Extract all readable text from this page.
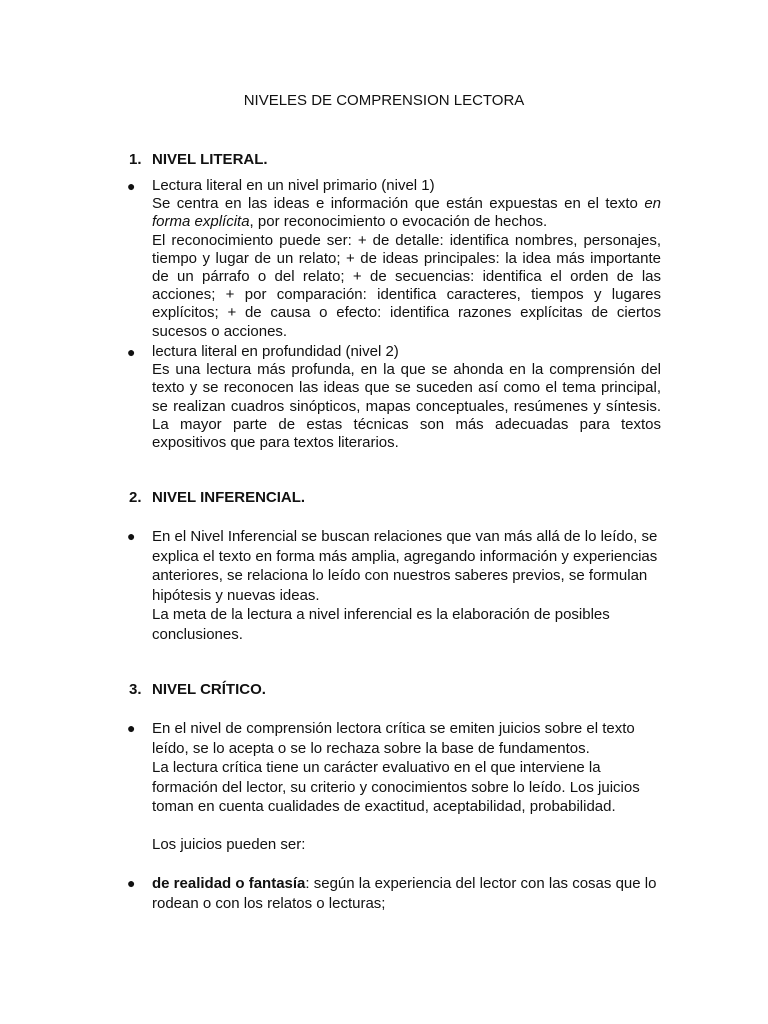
NIVELES DE COMPRENSION LECTORA
1. NIVEL LITERAL.
● Lectura literal en un nivel primario (nivel 1)
Se centra en las ideas e información que están expuestas en el texto en forma explícita, por reconocimiento o evocación de hechos.
El reconocimiento puede ser: + de detalle: identifica nombres, personajes, tiempo y lugar de un relato; + de ideas principales: la idea más importante de un párrafo o del relato; + de secuencias: identifica el orden de las acciones; + por comparación: identifica caracteres, tiempos y lugares explícitos; + de causa o efecto: identifica razones explícitas de ciertos sucesos o acciones.
● lectura literal en profundidad (nivel 2)
Es una lectura más profunda, en la que se ahonda en la comprensión del texto y se reconocen las ideas que se suceden así como el tema principal, se realizan cuadros sinópticos, mapas conceptuales, resúmenes y síntesis. La mayor parte de estas técnicas son más adecuadas para textos expositivos que para textos literarios.
2. NIVEL INFERENCIAL.
● En el Nivel Inferencial se buscan relaciones que van más allá de lo leído, se
explica el texto en forma más amplia, agregando información y experiencias
anteriores, se relaciona lo leído con nuestros saberes previos, se formulan
hipótesis y nuevas ideas.
La meta de la lectura a nivel inferencial es la elaboración de posibles
conclusiones.
3. NIVEL CRÍTICO.
● En el nivel de comprensión lectora crítica se emiten juicios sobre el texto
leído, se lo acepta o se lo rechaza sobre la base de fundamentos.
La lectura crítica tiene un carácter evaluativo en el que interviene la
formación del lector, su criterio y conocimientos sobre lo leído. Los juicios
toman en cuenta cualidades de exactitud, aceptabilidad, probabilidad.
Los juicios pueden ser:
● de realidad o fantasía: según la experiencia del lector con las cosas que lo
rodean o con los relatos o lecturas;
